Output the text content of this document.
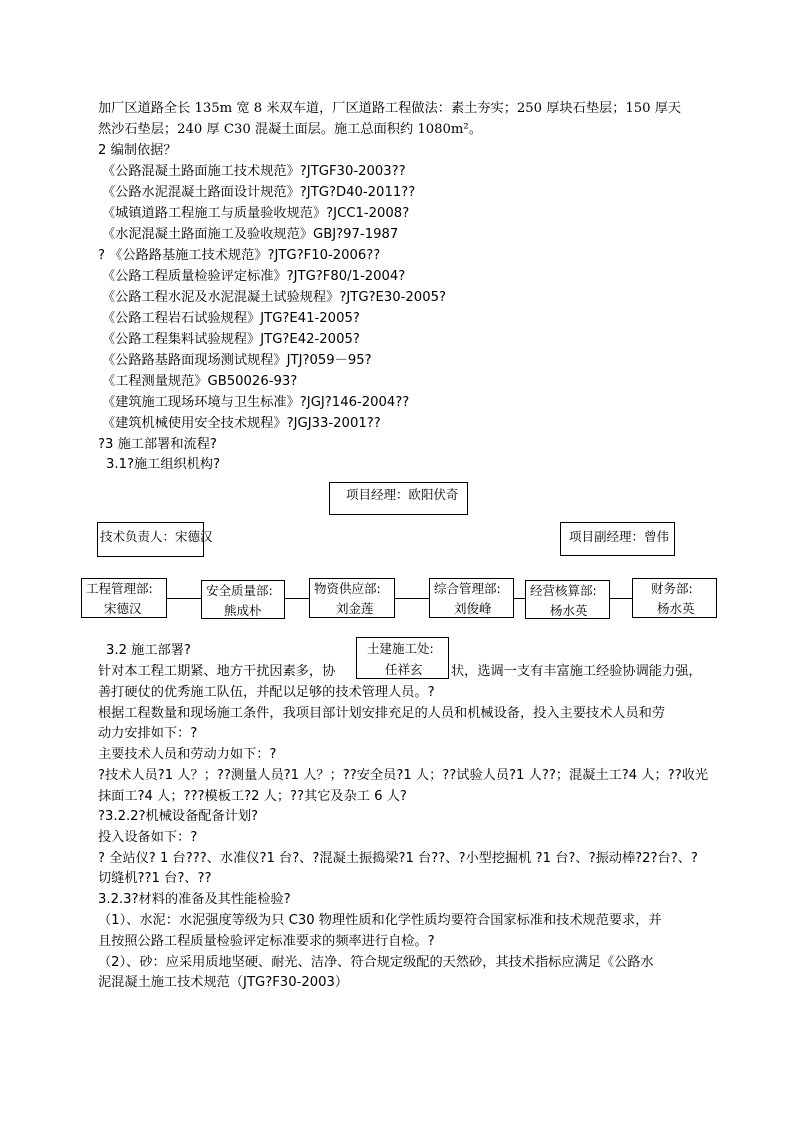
加厂区道路全长 135m 宽 8 米双车道，厂区道路工程做法：素土夯实；250 厚块石垫层；150 厚天
然沙石垫层；240 厚 C30 混凝土面层。施工总面积约 1080m²。
2 编制依据？
《公路混凝土路面施工技术规范》?JTGF30-2003??
《公路水泥混凝土路面设计规范》?JTG?D40-2011??
《城镇道路工程施工与质量验收规范》?JCC1-2008?
《水泥混凝土路面施工及验收规范》GBJ?97-1987
? 《公路路基施工技术规范》?JTG?F10-2006??
《公路工程质量检验评定标准》?JTG?F80/1-2004?
《公路工程水泥及水泥混凝土试验规程》?JTG?E30-2005?
《公路工程岩石试验规程》JTG?E41-2005?
《公路工程集料试验规程》JTG?E42-2005?
《公路路基路面现场测试规程》JTJ?059－95?
《工程测量规范》GB50026-93?
《建筑施工现场环境与卫生标准》?JGJ?146-2004??
《建筑机械使用安全技术规程》?JGJ33-2001??
?3 施工部署和流程?
3.1?施工组织机构?
项目经理：欧阳伏奇
技术负责人：宋德汉	项目副经理：曾伟
工程管理部:
宋德汉
安全质量部:
熊成朴
物资供应部:
刘金莲
综合管理部:
刘俊峰
经营核算部:
杨水英
财务部:
杨水英
土建施工处:
任祥玄
3.2 施工部署?
针对本工程工期紧、地方干扰因素多，协	状，选调一支有丰富施工经验协调能力强，
善打硬仗的优秀施工队伍，并配以足够的技术管理人员。?
根据工程数量和现场施工条件，我项目部计划安排充足的人员和机械设备，投入主要技术人员和劳
动力安排如下：?
主要技术人员和劳动力如下：?
?技术人员?1 人？；??测量人员?1 人？；??安全员?1 人；??试验人员?1 人??；混凝土工?4 人；??收光
抹面工?4 人；???模板工?2 人；??其它及杂工 6 人?
?3.2.2?机械设备配备计划?
投入设备如下：?
? 全站仪? 1 台???、水准仪?1 台?、?混凝土振捣梁?1 台??、?小型挖掘机 ?1 台?、?振动棒?2?台?、?
切缝机??1 台?、??
3.2.3?材料的准备及其性能检验?
（1）、水泥：水泥强度等级为只 C30 物理性质和化学性质均要符合国家标准和技术规范要求，并
且按照公路工程质量检验评定标准要求的频率进行自检。?
（2）、砂：应采用质地坚硬、耐光、洁净、符合规定级配的天然砂，其技术指标应满足《公路水
泥混凝土施工技术规范（JTG?F30-2003）
